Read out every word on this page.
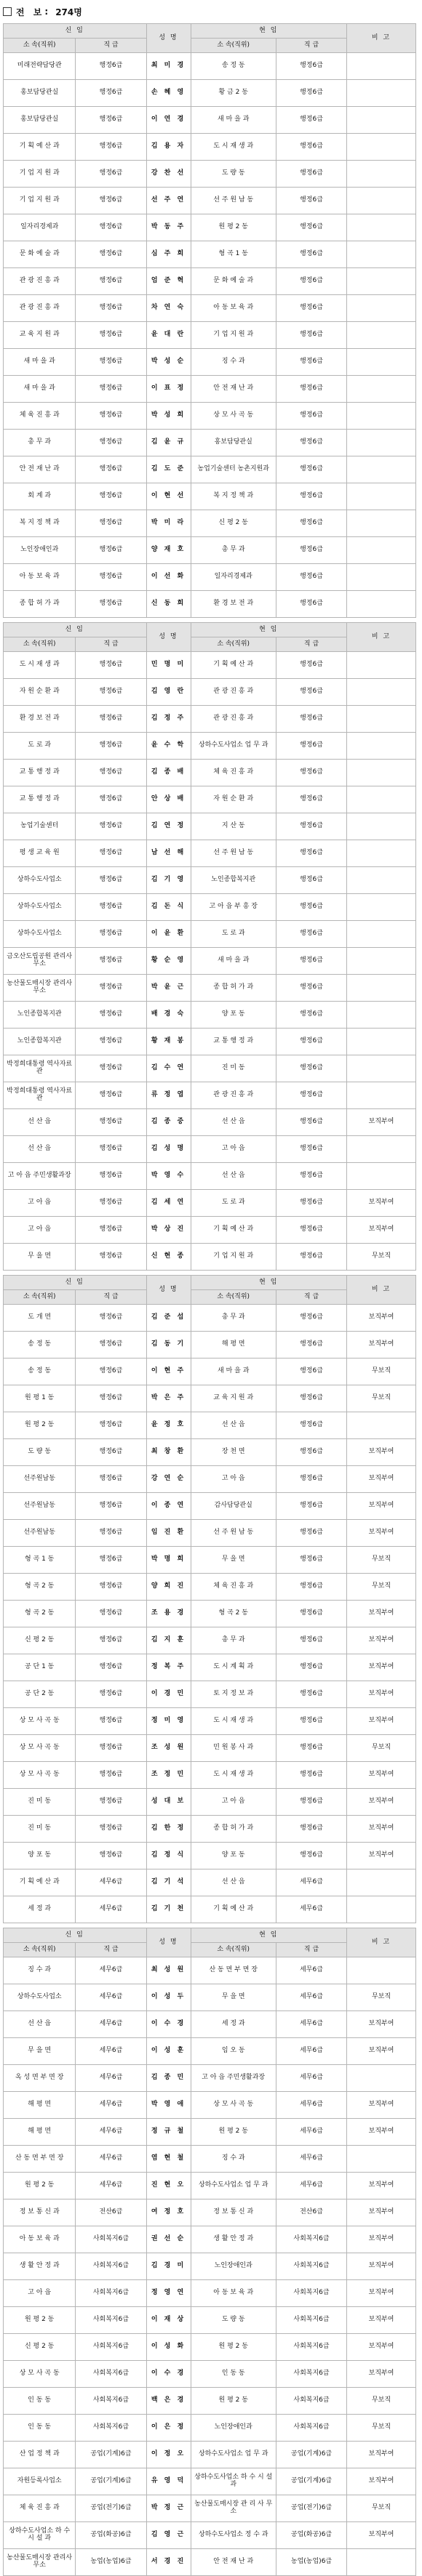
전 보 : 274명
신 임		성 명	현 임		비 고
소 속(직위)	직 급		소 속(직위)	직 급	
미래전략담당관	행정6급	최 미 경	송 정 동	행정6급	
홍보담당관실	행정6급	손 혜 영	황 금 2 동	행정6급	
홍보담당관실	행정6급	이 연 경	새 마 을 과	행정6급	
기 획 예 산 과	행정6급	김 용 자	도 시 재 생 과	행정6급	
기 업 지 원 과	행정6급	강 찬 선	도 량 동	행정6급	
기 업 지 원 과	행정6급	선 주 연	선 주 원 남 동	행정6급	
일자리경제과	행정6급	박 동 주	원 평 2 동	행정6급	
문 화 예 술 과	행정6급	심 주 희	형 곡 1 동	행정6급	
관 광 진 흥 과	행정6급	엄 준 혁	문 화 예 술 과	행정6급	
관 광 진 흥 과	행정6급	차 연 숙	아 동 보 육 과	행정6급	
교 육 지 원 과	행정6급	윤 대 란	기 업 지 원 과	행정6급	
새 마 을 과	행정6급	박 성 순	징 수 과	행정6급	
새 마 을 과	행정6급	이 표 정	안 전 재 난 과	행정6급	
체 육 진 흥 과	행정6급	박 성 희	상 모 사 곡 동	행정6급	
총 무 과	행정6급	김 윤 규	홍보담당관실	행정6급	
안 전 재 난 과	행정6급	김 도 준	농업기술센터 농촌지원과	행정6급	
회 계 과	행정6급	이 현 선	복 지 정 책 과	행정6급	
복 지 정 책 과	행정6급	박 미 라	신 평 2 동	행정6급	
노인장애인과	행정6급	양 재 호	총 무 과	행정6급	
아 동 보 육 과	행정6급	이 선 화	일자리경제과	행정6급	
종 합 허 가 과	행정6급	신 동 희	환 경 보 전 과	행정6급	
신 임		성 명	현 임		비 고
소 속(직위)	직 급		소 속(직위)	직 급	
도 시 재 생 과	행정6급	민 명 미	기 획 예 산 과	행정6급	
자 원 순 환 과	행정6급	김 영 란	관 광 진 흥 과	행정6급	
환 경 보 전 과	행정6급	김 정 주	관 광 진 흥 과	행정6급	
도 로 과	행정6급	윤 수 학	상하수도사업소 업 무 과	행정6급	
교 통 행 정 과	행정6급	김 종 배	체 육 진 흥 과	행정6급	
교 통 행 정 과	행정6급	안 상 배	자 원 순 환 과	행정6급	
농업기술센터	행정6급	김 연 정	지 산 동	행정6급	
평 생 교 육 원	행정6급	남 선 해	선 주 원 남 동	행정6급	
상하수도사업소	행정6급	김 기 영	노인종합복지관	행정6급	
상하수도사업소	행정6급	김 돈 식	고 아 읍 부 흥 장	행정6급	
상하수도사업소	행정6급	이 윤 환	도 로 과	행정6급	
금오산도립공원 관리사무소	행정6급	황 순 영	새 마 을 과	행정6급	
농산물도매시장 관리사무소	행정6급	박 윤 근	종 합 허 가 과	행정6급	
노인종합복지관	행정6급	배 경 숙	양 포 동	행정6급	
노인종합복지관	행정6급	황 재 봉	교 통 행 정 과	행정6급	
박정희대통령 역사자료관	행정6급	김 수 연	진 미 동	행정6급	
박정희대통령 역사자료관	행정6급	류 정 엽	관 광 진 흥 과	행정6급	
선 산 읍	행정6급	김 종 중	선 산 읍	행정6급	보직부여
선 산 읍	행정6급	김 성 명	고 아 읍	행정6급	
고 아 읍 주민생활과장	행정6급	박 영 수	선 산 읍	행정6급	
고 아 읍	행정6급	김 세 연	도 로 과	행정6급	보직부여
고 아 읍	행정6급	박 상 진	기 획 예 산 과	행정6급	보직부여
무 을 면	행정6급	신 현 종	기 업 지 원 과	행정6급	무보직
신 임		성 명	현 임		비 고
소 속(직위)	직 급		소 속(직위)	직 급	
도 개 면	행정6급	김 준 섭	총 무 과	행정6급	보직부여
송 정 동	행정6급	김 동 기	해 평 면	행정6급	보직부여
송 정 동	행정6급	이 현 주	새 마 을 과	행정6급	무보직
원 평 1 동	행정6급	박 은 주	교 육 지 원 과	행정6급	무보직
원 평 2 동	행정6급	윤 정 호	선 산 읍	행정6급	
도 량 동	행정6급	최 창 환	장 천 면	행정6급	보직부여
선주원남동	행정6급	강 연 순	고 아 읍	행정6급	보직부여
선주원남동	행정6급	이 종 연	감사담당관실	행정6급	보직부여
선주원남동	행정6급	임 진 환	선 주 원 남 동	행정6급	보직부여
형 곡 1 동	행정6급	박 명 희	무 을 면	행정6급	무보직
형 곡 2 동	행정6급	양 희 진	체 육 진 흥 과	행정6급	무보직
형 곡 2 동	행정6급	조 용 경	형 곡 2 동	행정6급	보직부여
신 평 2 동	행정6급	김 지 훈	총 무 과	행정6급	보직부여
공 단 1 동	행정6급	정 복 주	도 시 계 획 과	행정6급	보직부여
공 단 2 동	행정6급	이 경 민	토 지 정 보 과	행정6급	보직부여
상 모 사 곡 동	행정6급	정 미 영	도 시 재 생 과	행정6급	보직부여
상 모 사 곡 동	행정6급	조 성 원	민 원 봉 사 과	행정6급	무보직
상 모 사 곡 동	행정6급	조 정 민	도 시 재 생 과	행정6급	보직부여
진 미 동	행정6급	성 대 보	고 아 읍	행정6급	보직부여
진 미 동	행정6급	김 한 정	종 합 허 가 과	행정6급	보직부여
양 포 동	행정6급	김 정 식	양 포 동	행정6급	보직부여
기 획 예 산 과	세무6급	김 기 석	선 산 읍	세무6급	
세 정 과	세무6급	김 기 천	기 획 예 산 과	세무6급	
신 임		성 명	현 임		비 고
소 속(직위)	직 급		소 속(직위)	직 급	
징 수 과	세무6급	최 성 원	산 동 면 부 면 장	세무6급	
상하수도사업소	세무6급	이 성 두	무 을 면	세무6급	무보직
선 산 읍	세무6급	이 수 경	세 정 과	세무6급	보직부여
무 을 면	세무6급	이 성 훈	임 오 동	세무6급	보직부여
옥 성 면 부 면 장	세무6급	김 종 민	고 아 읍 주민생활과장	세무6급	
해 평 면	세무6급	박 영 애	상 모 사 곡 동	세무6급	보직부여
해 평 면	세무6급	정 규 철	원 평 2 동	세무6급	보직부여
산 동 면 부 면 장	세무6급	염 현 철	징 수 과	세무6급	
원 평 2 동	세무6급	진 현 오	상하수도사업소 업 무 과	세무6급	보직부여
정 보 통 신 과	전산6급	여 정 호	정 보 통 신 과	전산6급	보직부여
아 동 보 육 과	사회복지6급	권 선 순	생 활 안 정 과	사회복지6급	보직부여
생 활 안 정 과	사회복지6급	김 경 미	노인장애인과	사회복지6급	보직부여
고 아 읍	사회복지6급	정 영 연	아 동 보 육 과	사회복지6급	보직부여
원 평 2 동	사회복지6급	이 재 상	도 량 동	사회복지6급	보직부여
신 평 2 동	사회복지6급	이 성 화	원 평 2 동	사회복지6급	보직부여
상 모 사 곡 동	사회복지6급	이 수 경	인 동 동	사회복지6급	보직부여
인 동 동	사회복지6급	백 은 경	원 평 2 동	사회복지6급	무보직
인 동 동	사회복지6급	이 은 정	노인장애인과	사회복지6급	무보직
산 업 정 책 과	공업(기계)6급	이 정 오	상하수도사업소 업 무 과	공업(기계)6급	보직부여
자원등록사업소	공업(기계)6급	유 영 덕	상하수도사업소 하 수 시 설 과	공업(기계)6급	보직부여
체 육 진 흥 과	공업(전기)6급	박 정 근	농산물도매시장 관 리 사 무 소	공업(전기)6급	무보직
상하수도사업소 하 수 시 설 과	공업(화공)6급	김 영 근	상하수도사업소 정 수 과	공업(화공)6급	보직부여
농산물도매시장 관리사무소	농업(농업)6급	서 경 진	안 전 재 난 과	농업(농업)6급	
